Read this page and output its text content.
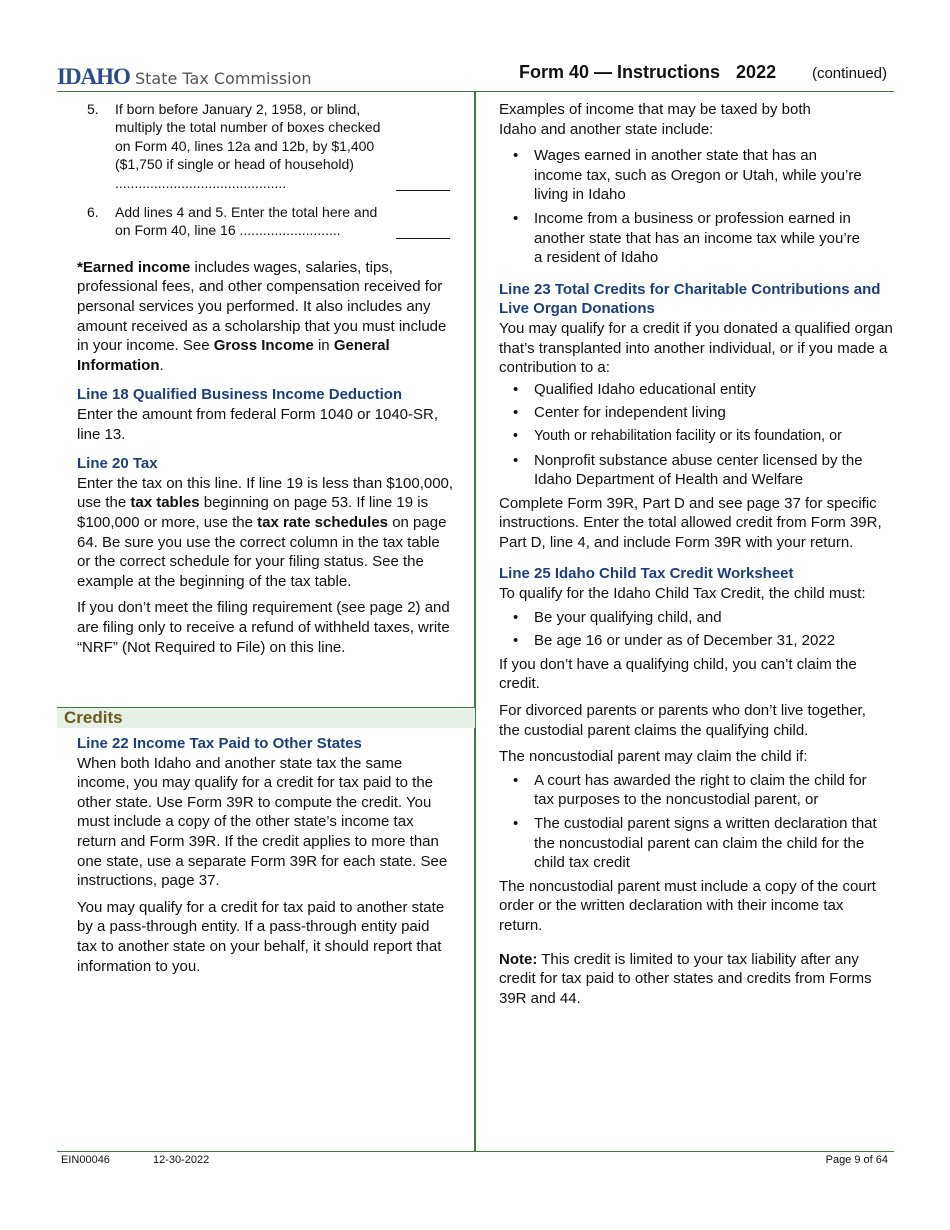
IDAHO State Tax Commission	Form 40 — Instructions 2022 (continued)
5. If born before January 2, 1958, or blind, multiply the total number of boxes checked on Form 40, lines 12a and 12b, by $1,400 ($1,750 if single or head of household) ............................................
6. Add lines 4 and 5. Enter the total here and on Form 40, line 16 ..........................

*Earned income includes wages, salaries, tips, professional fees, and other compensation received for personal services you performed. It also includes any amount received as a scholarship that you must include in your income. See Gross Income in General Information.

Line 18 Qualified Business Income Deduction

Enter the amount from federal Form 1040 or 1040-SR, line 13.

Line 20 Tax

Enter the tax on this line. If line 19 is less than $100,000, use the tax tables beginning on page 53. If line 19 is $100,000 or more, use the tax rate schedules on page 64. Be sure you use the correct column in the tax table or the correct schedule for your filing status. See the example at the beginning of the tax table.

If you don’t meet the filing requirement (see page 2) and are filing only to receive a refund of withheld taxes, write “NRF” (Not Required to File) on this line.

Credits

Line 22 Income Tax Paid to Other States

When both Idaho and another state tax the same income, you may qualify for a credit for tax paid to the other state. Use Form 39R to compute the credit. You must include a copy of the other state’s income tax return and Form 39R. If the credit applies to more than one state, use a separate Form 39R for each state. See instructions, page 37.

You may qualify for a credit for tax paid to another state by a pass-through entity. If a pass-through entity paid tax to another state on your behalf, it should report that information to you.

Examples of income that may be taxed by both Idaho and another state include:

• Wages earned in another state that has an income tax, such as Oregon or Utah, while you’re living in Idaho
• Income from a business or profession earned in another state that has an income tax while you’re a resident of Idaho

Line 23 Total Credits for Charitable Contributions and Live Organ Donations

You may qualify for a credit if you donated a qualified organ that’s transplanted into another individual, or if you made a contribution to a:

• Qualified Idaho educational entity
• Center for independent living
• Youth or rehabilitation facility or its foundation, or
• Nonprofit substance abuse center licensed by the Idaho Department of Health and Welfare

Complete Form 39R, Part D and see page 37 for specific instructions. Enter the total allowed credit from Form 39R, Part D, line 4, and include Form 39R with your return.

Line 25 Idaho Child Tax Credit Worksheet

To qualify for the Idaho Child Tax Credit, the child must:

• Be your qualifying child, and
• Be age 16 or under as of December 31, 2022

If you don’t have a qualifying child, you can’t claim the credit.

For divorced parents or parents who don’t live together, the custodial parent claims the qualifying child.

The noncustodial parent may claim the child if:

• A court has awarded the right to claim the child for tax purposes to the noncustodial parent, or
• The custodial parent signs a written declaration that the noncustodial parent can claim the child for the child tax credit

The noncustodial parent must include a copy of the court order or the written declaration with their income tax return.

Note: This credit is limited to your tax liability after any credit for tax paid to other states and credits from Forms 39R and 44.

EIN00046	12-30-2022	Page 9 of 64
